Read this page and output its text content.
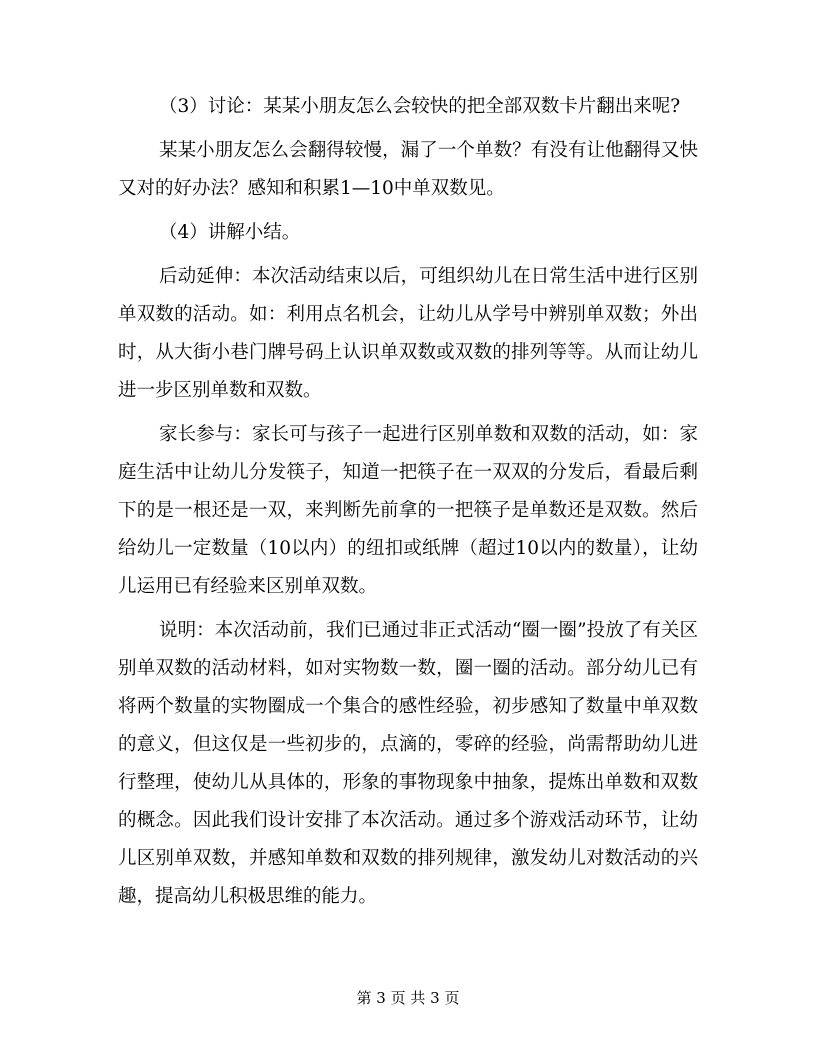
（3）讨论：某某小朋友怎么会较快的把全部双数卡片翻出来呢?

某某小朋友怎么会翻得较慢，漏了一个单数？有没有让他翻得又快又对的好办法？感知和积累1—10中单双数见。

（4）讲解小结。

后动延伸：本次活动结束以后，可组织幼儿在日常生活中进行区别单双数的活动。如：利用点名机会，让幼儿从学号中辨别单双数；外出时，从大街小巷门牌号码上认识单双数或双数的排列等等。从而让幼儿进一步区别单数和双数。

家长参与：家长可与孩子一起进行区别单数和双数的活动，如：家庭生活中让幼儿分发筷子，知道一把筷子在一双双的分发后，看最后剩下的是一根还是一双，来判断先前拿的一把筷子是单数还是双数。然后给幼儿一定数量（10以内）的纽扣或纸牌（超过10以内的数量），让幼儿运用已有经验来区别单双数。

说明：本次活动前，我们已通过非正式活动“圈一圈”投放了有关区别单双数的活动材料，如对实物数一数，圈一圈的活动。部分幼儿已有将两个数量的实物圈成一个集合的感性经验，初步感知了数量中单双数的意义，但这仅是一些初步的，点滴的，零碎的经验，尚需帮助幼儿进行整理，使幼儿从具体的，形象的事物现象中抽象，提炼出单数和双数的概念。因此我们设计安排了本次活动。通过多个游戏活动环节，让幼儿区别单双数，并感知单数和双数的排列规律，激发幼儿对数活动的兴趣，提高幼儿积极思维的能力。

第 3 页 共 3 页
